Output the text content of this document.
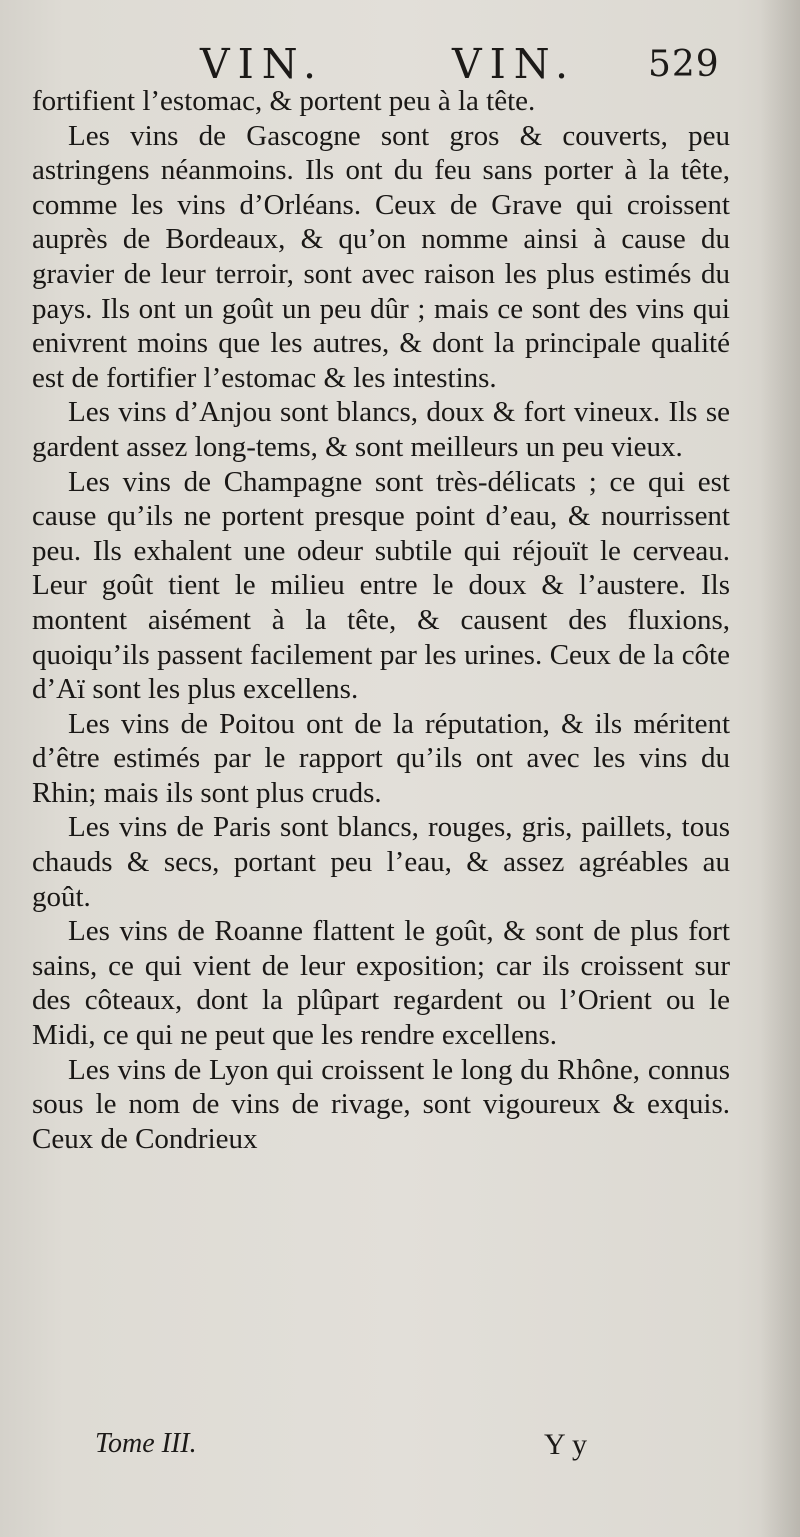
VIN.	VIN. 529

fortifient l’estomac, & portent peu à la tête.

Les vins de Gascogne sont gros & couverts, peu astringens néanmoins. Ils ont du feu sans porter à la tête, comme les vins d’Orléans. Ceux de Grave qui croissent auprès de Bordeaux, & qu’on nomme ainsi à cause du gravier de leur terroir, sont avec raison les plus estimés du pays. Ils ont un goût un peu dûr ; mais ce sont des vins qui enivrent moins que les autres, & dont la principale qualité est de fortifier l’estomac & les intestins.

Les vins d’Anjou sont blancs, doux & fort vineux. Ils se gardent assez long-tems, & sont meilleurs un peu vieux.

Les vins de Champagne sont très-délicats ; ce qui est cause qu’ils ne portent presque point d’eau, & nourrissent peu. Ils exhalent une odeur subtile qui réjouït le cerveau. Leur goût tient le milieu entre le doux & l’austere. Ils montent aisément à la tête, & causent des fluxions, quoiqu’ils passent facilement par les urines. Ceux de la côte d’Aï sont les plus excellens.

Les vins de Poitou ont de la réputation, & ils méritent d’être estimés par le rapport qu’ils ont avec les vins du Rhin; mais ils sont plus cruds.

Les vins de Paris sont blancs, rouges, gris, paillets, tous chauds & secs, portant peu l’eau, & assez agréables au goût.

Les vins de Roanne flattent le goût, & sont de plus fort sains, ce qui vient de leur exposition; car ils croissent sur des côteaux, dont la plûpart regardent ou l’Orient ou le Midi, ce qui ne peut que les rendre excellens.

Les vins de Lyon qui croissent le long du Rhône, connus sous le nom de vins de rivage, sont vigoureux & exquis. Ceux de Condrieux

Tome III.	Y y
